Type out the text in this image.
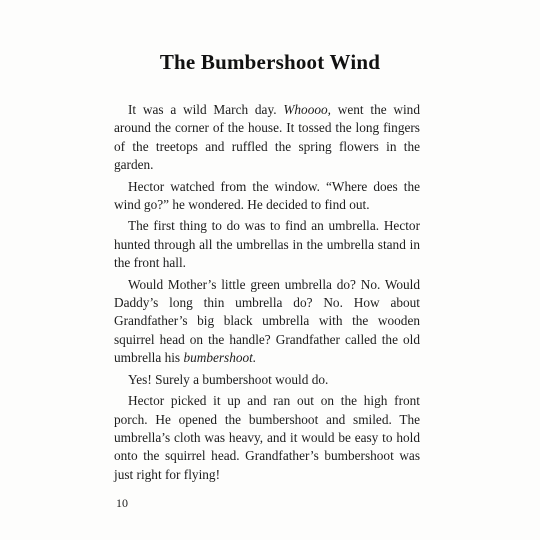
The Bumbershoot Wind

It was a wild March day. Whoooo, went the wind around the corner of the house. It tossed the long fingers of the treetops and ruffled the spring flowers in the garden.

Hector watched from the window. “Where does the wind go?” he wondered. He decided to find out.

The first thing to do was to find an umbrella. Hector hunted through all the umbrellas in the umbrella stand in the front hall.

Would Mother’s little green umbrella do? No. Would Daddy’s long thin umbrella do? No. How about Grandfather’s big black umbrella with the wooden squirrel head on the handle? Grandfather called the old umbrella his bumbershoot.

Yes! Surely a bumbershoot would do.

Hector picked it up and ran out on the high front porch. He opened the bumbershoot and smiled. The umbrella’s cloth was heavy, and it would be easy to hold onto the squirrel head. Grandfather’s bumbershoot was just right for flying!

10
